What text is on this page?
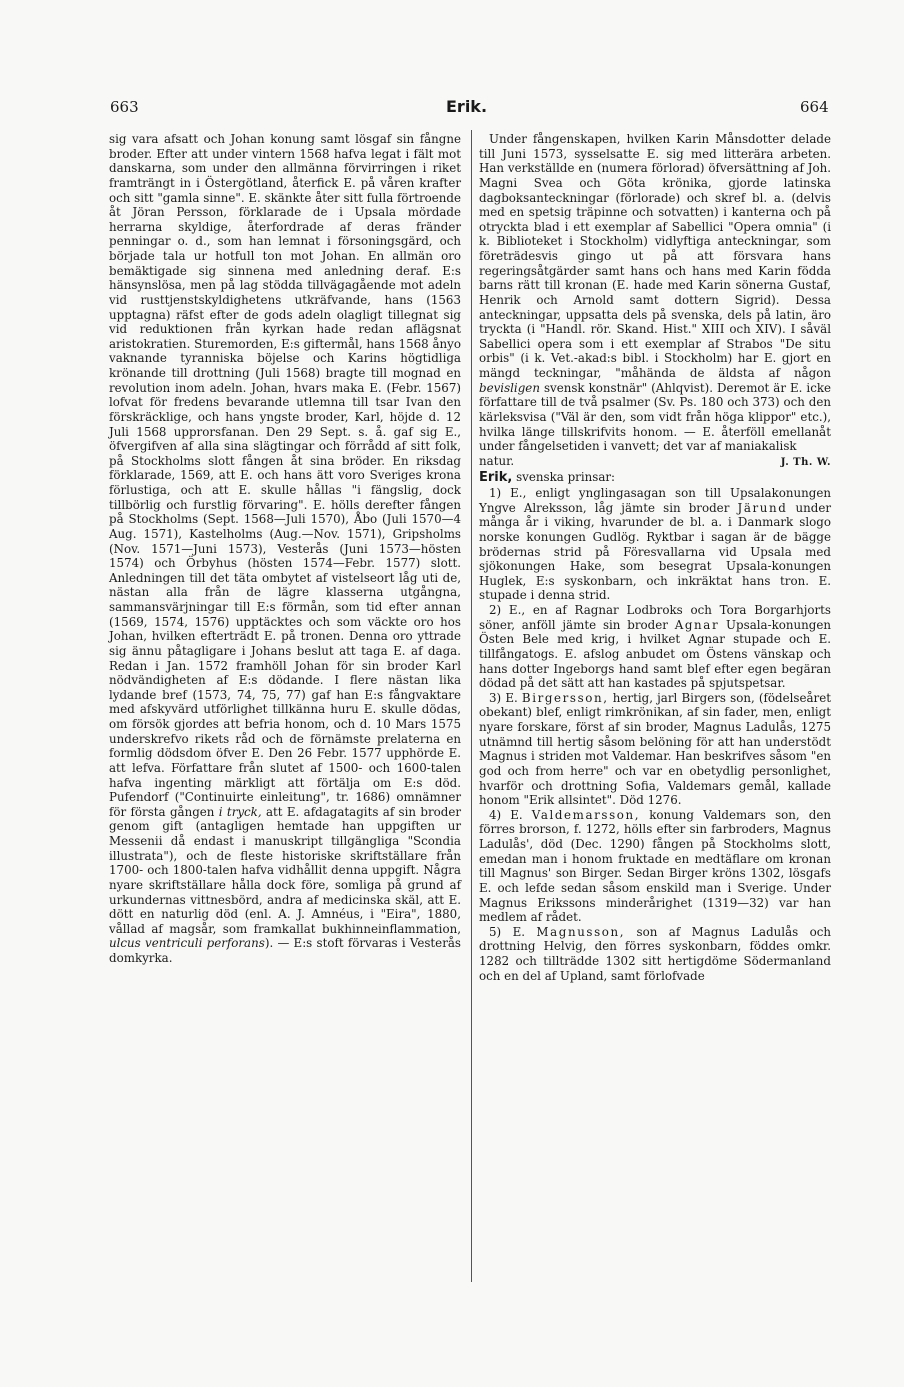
663	Erik.	664

sig vara afsatt och Johan konung samt lösgaf sin fångne broder. Efter att under vintern 1568 hafva legat i fält mot danskarna, som under den allmänna förvirringen i riket framträngt in i Östergötland, återfick E. på våren krafter och sitt "gamla sinne". E. skänkte åter sitt fulla förtroende åt Jöran Persson, förklarade de i Upsala mördade herrarna skyldige, återfordrade af deras fränder penningar o. d., som han lemnat i försoningsgärd, och började tala ur hotfull ton mot Johan. En allmän oro bemäktigade sig sinnena med anledning deraf. E:s hänsynslösa, men på lag stödda tillvägagående mot adeln vid rusttjenstskyldighetens utkräfvande, hans (1563 upptagna) räfst efter de gods adeln olagligt tillegnat sig vid reduktionen från kyrkan hade redan aflägsnat aristokratien. Sturemorden, E:s giftermål, hans 1568 ånyo vaknande tyranniska böjelse och Karins högtidliga krönande till drottning (Juli 1568) bragte till mognad en revolution inom adeln. Johan, hvars maka E. (Febr. 1567) lofvat för fredens bevarande utlemna till tsar Ivan den förskräcklige, och hans yngste broder, Karl, höjde d. 12 Juli 1568 upprorsfanan. Den 29 Sept. s. å. gaf sig E., öfvergifven af alla sina slägtingar och förrådd af sitt folk, på Stockholms slott fången åt sina bröder. En riksdag förklarade, 1569, att E. och hans ätt voro Sveriges krona förlustiga, och att E. skulle hållas "i fängslig, dock tillbörlig och furstlig förvaring". E. hölls derefter fången på Stockholms (Sept. 1568—Juli 1570), Åbo (Juli 1570—4 Aug. 1571), Kastelholms (Aug.—Nov. 1571), Gripsholms (Nov. 1571—Juni 1573), Vesterås (Juni 1573—hösten 1574) och Örbyhus (hösten 1574—Febr. 1577) slott. Anledningen till det täta ombytet af vistelseort låg uti de, nästan alla från de lägre klasserna utgångna, sammansvärjningar till E:s förmån, som tid efter annan (1569, 1574, 1576) upptäcktes och som väckte oro hos Johan, hvilken efterträdt E. på tronen. Denna oro yttrade sig ännu påtagligare i Johans beslut att taga E. af daga. Redan i Jan. 1572 framhöll Johan för sin broder Karl nödvändigheten af E:s dödande. I flere nästan lika lydande bref (1573, 74, 75, 77) gaf han E:s fångvaktare med afskyvärd utförlighet tillkänna huru E. skulle dödas, om försök gjordes att befria honom, och d. 10 Mars 1575 underskrefvo rikets råd och de förnämste prelaterna en formlig dödsdom öfver E. Den 26 Febr. 1577 upphörde E. att lefva. Författare från slutet af 1500- och 1600-talen hafva ingenting märkligt att förtälja om E:s död. Pufendorf ("Continuirte einleitung", tr. 1686) omnämner för första gången i tryck, att E. afdagatagits af sin broder genom gift (antagligen hemtade han uppgiften ur Messenii då endast i manuskript tillgängliga "Scondia illustrata"), och de fleste historiske skriftställare från 1700- och 1800-talen hafva vidhållit denna uppgift. Några nyare skriftställare hålla dock före, somliga på grund af urkundernas vittnesbörd, andra af medicinska skäl, att E. dött en naturlig död (enl. A. J. Amnéus, i "Eira", 1880, vållad af magsår, som framkallat bukhinneinflammation, ulcus ventriculi perforans). — E:s stoft förvaras i Vesterås domkyrka.

Under fångenskapen, hvilken Karin Månsdotter delade till Juni 1573, sysselsatte E. sig med litterära arbeten. Han verkställde en (numera förlorad) öfversättning af Joh. Magni Svea och Göta krönika, gjorde latinska dagboksanteckningar (förlorade) och skref bl. a. (delvis med en spetsig träpinne och sotvatten) i kanterna och på otryckta blad i ett exemplar af Sabellici "Opera omnia" (i k. Biblioteket i Stockholm) vidlyftiga anteckningar, som företrädesvis gingo ut på att försvara hans regeringsåtgärder samt hans och hans med Karin födda barns rätt till kronan (E. hade med Karin sönerna Gustaf, Henrik och Arnold samt dottern Sigrid). Dessa anteckningar, uppsatta dels på svenska, dels på latin, äro tryckta (i "Handl. rör. Skand. Hist." XIII och XIV). I såväl Sabellici opera som i ett exemplar af Strabos "De situ orbis" (i k. Vet.-akad:s bibl. i Stockholm) har E. gjort en mängd teckningar, "måhända de äldsta af någon bevisligen svensk konstnär" (Ahlqvist). Deremot är E. icke författare till de två psalmer (Sv. Ps. 180 och 373) och den kärleksvisa ("Väl är den, som vidt från höga klippor" etc.), hvilka länge tillskrifvits honom. — E. återföll emellanåt under fångelsetiden i vanvett; det var af maniakalisk

natur.	J. Th. W.

Erik, svenska prinsar:

1) E., enligt ynglingasagan son till Upsalakonungen Yngve Alreksson, låg jämte sin broder Järund under många år i viking, hvarunder de bl. a. i Danmark slogo norske konungen Gudlög. Ryktbar i sagan är de bägge brödernas strid på Föresvallarna vid Upsala med sjökonungen Hake, som besegrat Upsala-konungen Huglek, E:s syskonbarn, och inkräktat hans tron. E. stupade i denna strid.

2) E., en af Ragnar Lodbroks och Tora Borgarhjorts söner, anföll jämte sin broder Agnar Upsala-konungen Östen Bele med krig, i hvilket Agnar stupade och E. tillfångatogs. E. afslog anbudet om Östens vänskap och hans dotter Ingeborgs hand samt blef efter egen begäran dödad på det sätt att han kastades på spjutspetsar.

3) E. Birgersson, hertig, jarl Birgers son, (födelseåret obekant) blef, enligt rimkrönikan, af sin fader, men, enligt nyare forskare, först af sin broder, Magnus Ladulås, 1275 utnämnd till hertig såsom belöning för att han understödt Magnus i striden mot Valdemar. Han beskrifves såsom "en god och from herre" och var en obetydlig personlighet, hvarför och drottning Sofia, Valdemars gemål, kallade honom "Erik allsintet". Död 1276.

4) E. Valdemarsson, konung Valdemars son, den förres brorson, f. 1272, hölls efter sin farbroders, Magnus Ladulås', död (Dec. 1290) fången på Stockholms slott, emedan man i honom fruktade en medtäflare om kronan till Magnus' son Birger. Sedan Birger kröns 1302, lösgafs E. och lefde sedan såsom enskild man i Sverige. Under Magnus Erikssons minderårighet (1319—32) var han medlem af rådet.

5) E. Magnusson, son af Magnus Ladulås och drottning Helvig, den förres syskonbarn, föddes omkr. 1282 och tillträdde 1302 sitt hertigdöme Södermanland och en del af Upland, samt förlofvade
